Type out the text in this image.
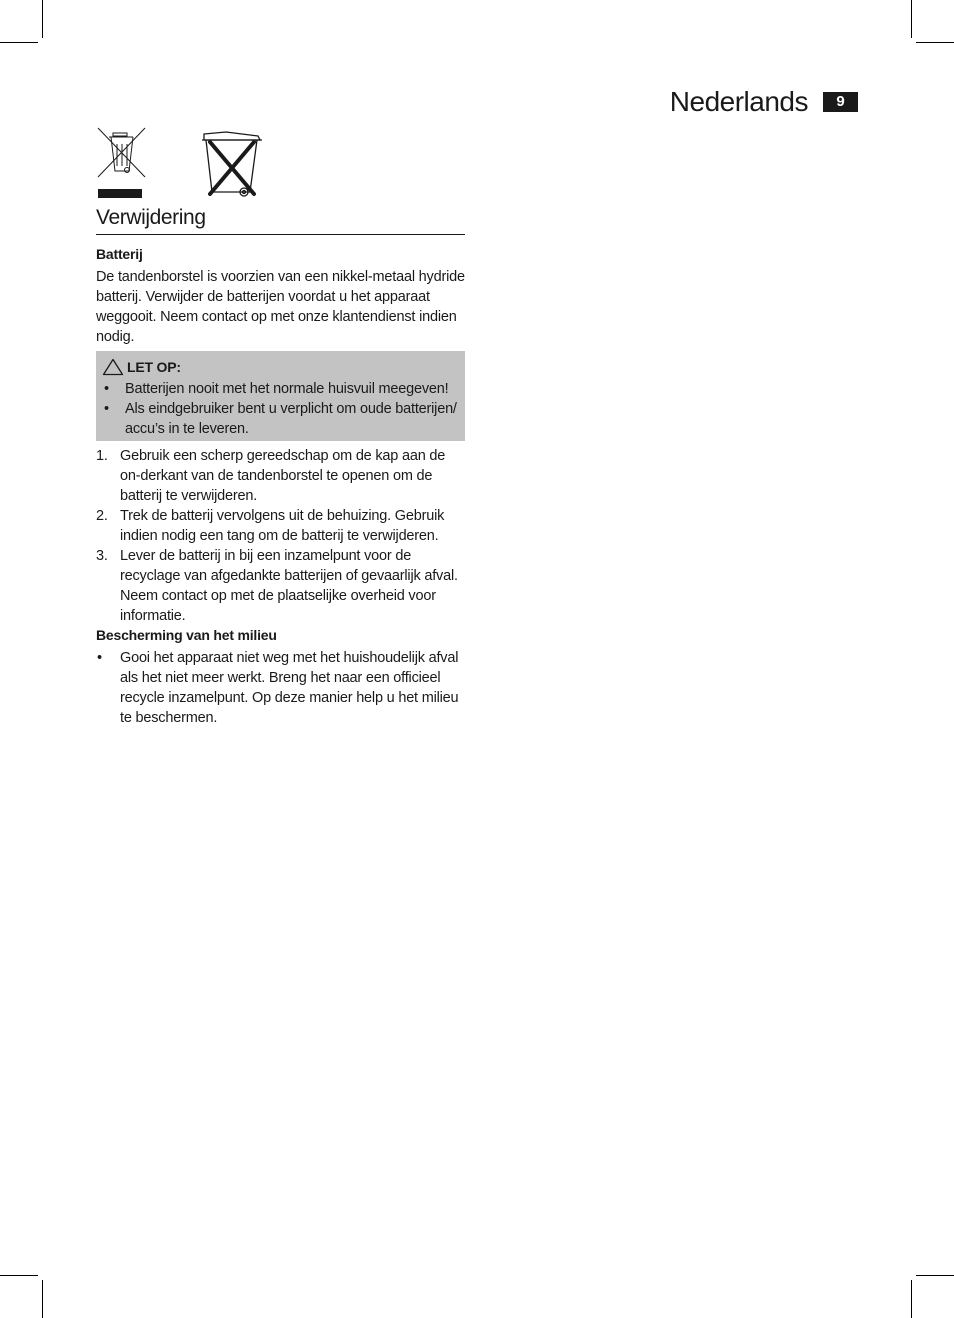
Nederlands	9
Verwijdering
Batterij

De tandenborstel is voorzien van een nikkel-metaal hydride batterij. Verwijder de batterijen voordat u het apparaat weggooit. Neem contact op met onze klantendienst indien nodig.

LET OP:
• Batterijen nooit met het normale huisvuil meegeven!
• Als eindgebruiker bent u verplicht om oude batterijen/ accu’s in te leveren.
1. Gebruik een scherp gereedschap om de kap aan de on-derkant van de tandenborstel te openen om de batterij te verwijderen.
2. Trek de batterij vervolgens uit de behuizing. Gebruik indien nodig een tang om de batterij te verwijderen.
3. Lever de batterij in bij een inzamelpunt voor de recyclage van afgedankte batterijen of gevaarlijk afval. Neem contact op met de plaatselijke overheid voor informatie.
Bescherming van het milieu
• Gooi het apparaat niet weg met het huishoudelijk afval als het niet meer werkt. Breng het naar een officieel recycle inzamelpunt. Op deze manier help u het milieu te beschermen.
